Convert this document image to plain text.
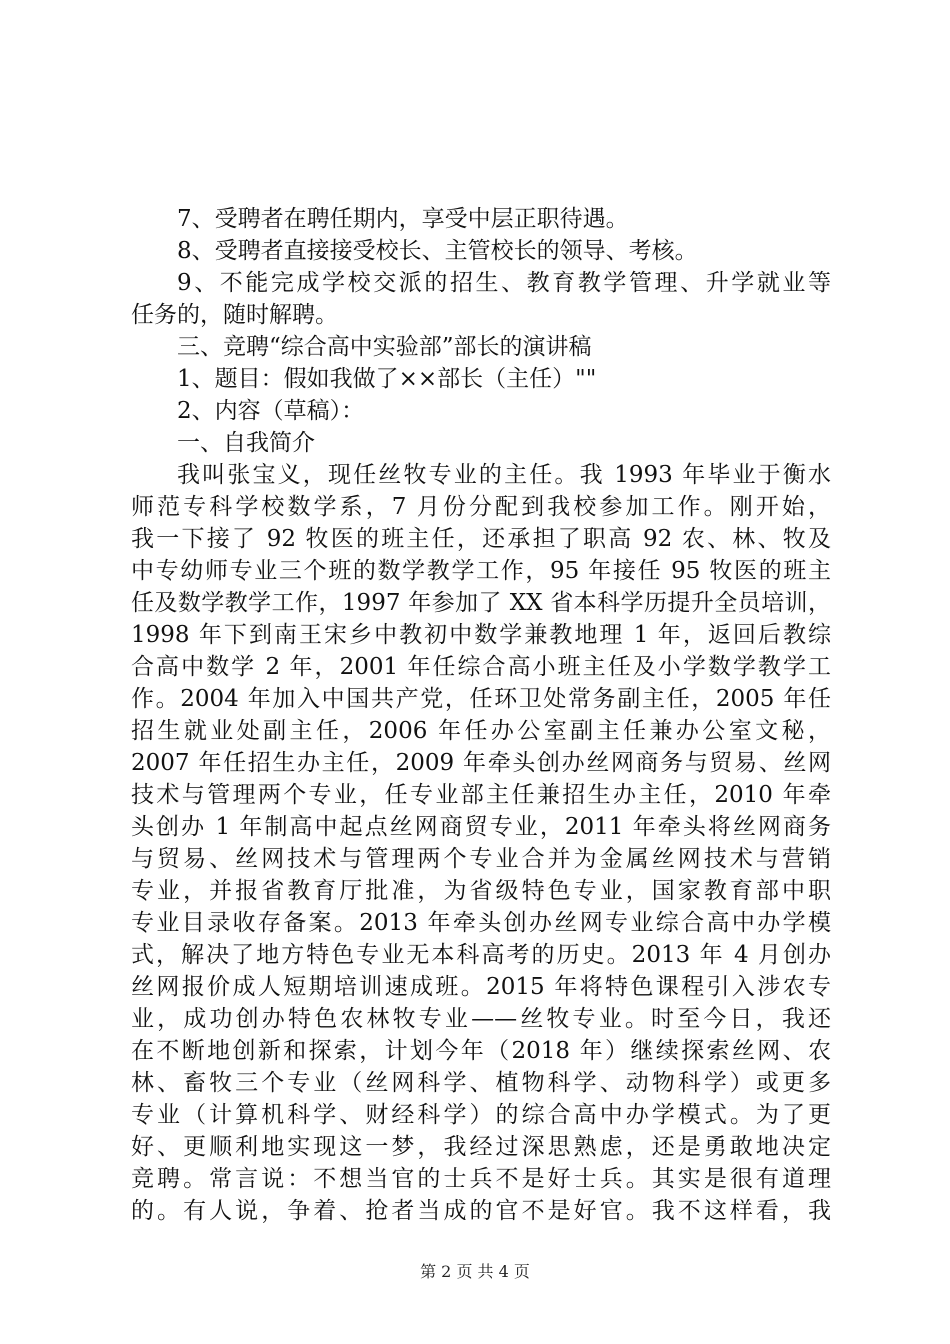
7、受聘者在聘任期内，享受中层正职待遇。
8、受聘者直接接受校长、主管校长的领导、考核。
9、不能完成学校交派的招生、教育教学管理、升学就业等
任务的，随时解聘。
三、竞聘“综合高中实验部”部长的演讲稿
1、题目：假如我做了××部长（主任）""
2、内容（草稿）：
一、自我简介
我叫张宝义，现任丝牧专业的主任。我 1993 年毕业于衡水
师范专科学校数学系，7 月份分配到我校参加工作。刚开始，
我一下接了 92 牧医的班主任，还承担了职高 92 农、林、牧及
中专幼师专业三个班的数学教学工作，95 年接任 95 牧医的班主
任及数学教学工作，1997 年参加了 XX 省本科学历提升全员培训，
1998 年下到南王宋乡中教初中数学兼教地理 1 年，返回后教综
合高中数学 2 年，2001 年任综合高小班主任及小学数学教学工
作。2004 年加入中国共产党，任环卫处常务副主任，2005 年任
招生就业处副主任，2006 年任办公室副主任兼办公室文秘，
2007 年任招生办主任，2009 年牵头创办丝网商务与贸易、丝网
技术与管理两个专业，任专业部主任兼招生办主任，2010 年牵
头创办 1 年制高中起点丝网商贸专业，2011 年牵头将丝网商务
与贸易、丝网技术与管理两个专业合并为金属丝网技术与营销
专业，并报省教育厅批准，为省级特色专业，国家教育部中职
专业目录收存备案。2013 年牵头创办丝网专业综合高中办学模
式，解决了地方特色专业无本科高考的历史。2013 年 4 月创办
丝网报价成人短期培训速成班。2015 年将特色课程引入涉农专
业，成功创办特色农林牧专业——丝牧专业。时至今日，我还
在不断地创新和探索，计划今年（2018 年）继续探索丝网、农
林、畜牧三个专业（丝网科学、植物科学、动物科学）或更多
专业（计算机科学、财经科学）的综合高中办学模式。为了更
好、更顺利地实现这一梦，我经过深思熟虑，还是勇敢地决定
竞聘。常言说：不想当官的士兵不是好士兵。其实是很有道理
的。有人说，争着、抢者当成的官不是好官。我不这样看，我
第 2 页 共 4 页
